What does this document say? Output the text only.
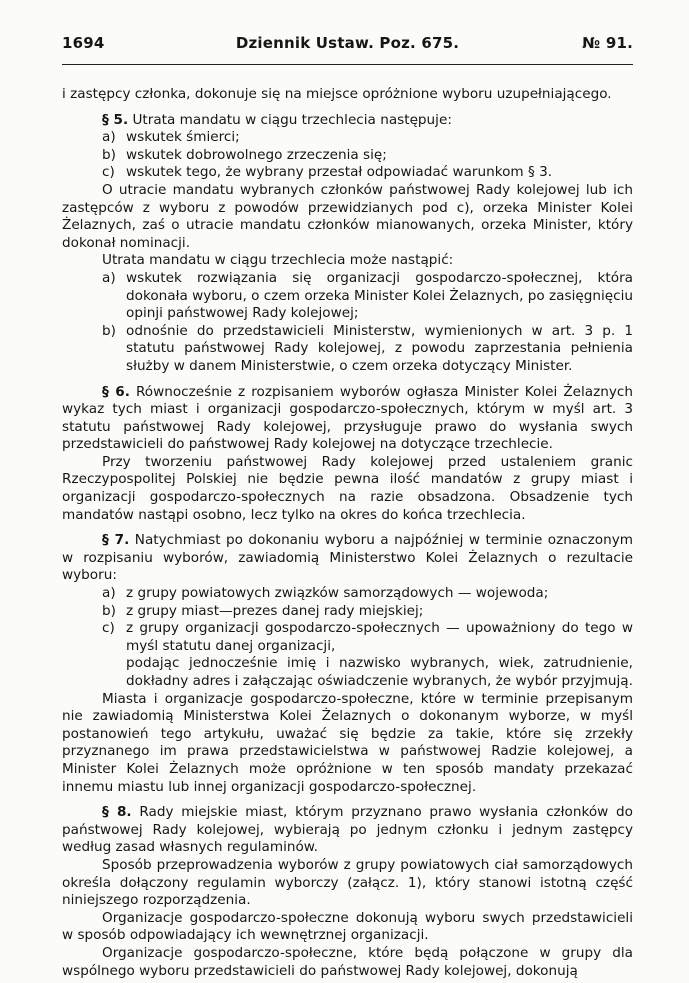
1694	Dziennik Ustaw. Poz. 675.	№ 91.

i zastępcy członka, dokonuje się na miejsce opróżnione wyboru uzupełniającego.

§ 5. Utrata mandatu w ciągu trzechlecia następuje:

a) wskutek śmierci;
b) wskutek dobrowolnego zrzeczenia się;
c) wskutek tego, że wybrany przestał odpowiadać warunkom § 3.

O utracie mandatu wybranych członków państwowej Rady kolejowej lub ich zastępców z wyboru z powodów przewidzianych pod c), orzeka Minister Kolei Żelaznych, zaś o utracie mandatu członków mianowanych, orzeka Minister, który dokonał nominacji.

Utrata mandatu w ciągu trzechlecia może nastąpić:

a) wskutek rozwiązania się organizacji gospodarczo-społecznej, która dokonała wyboru, o czem orzeka Minister Kolei Żelaznych, po zasięgnięciu opinji państwowej Rady kolejowej;
b) odnośnie do przedstawicieli Ministerstw, wymienionych w art. 3 p. 1 statutu państwowej Rady kolejowej, z powodu zaprzestania pełnienia służby w danem Ministerstwie, o czem orzeka dotyczący Minister.

§ 6. Równocześnie z rozpisaniem wyborów ogłasza Minister Kolei Żelaznych wykaz tych miast i organizacji gospodarczo-społecznych, którym w myśl art. 3 statutu państwowej Rady kolejowej, przysługuje prawo do wysłania swych przedstawicieli do państwowej Rady kolejowej na dotyczące trzechlecie.

Przy tworzeniu państwowej Rady kolejowej przed ustaleniem granic Rzeczypospolitej Polskiej nie będzie pewna ilość mandatów z grupy miast i organizacji gospodarczo-społecznych na razie obsadzona. Obsadzenie tych mandatów nastąpi osobno, lecz tylko na okres do końca trzechlecia.

§ 7. Natychmiast po dokonaniu wyboru a najpóźniej w terminie oznaczonym w rozpisaniu wyborów, zawiadomią Ministerstwo Kolei Żelaznych o rezultacie wyboru:

a) z grupy powiatowych związków samorządowych — wojewoda;
b) z grupy miast—prezes danej rady miejskiej;
c) z grupy organizacji gospodarczo-społecznych — upoważniony do tego w myśl statutu danej organizacji,
podając jednocześnie imię i nazwisko wybranych, wiek, zatrudnienie, dokładny adres i załączając oświadczenie wybranych, że wybór przyjmują.

Miasta i organizacje gospodarczo-społeczne, które w terminie przepisanym nie zawiadomią Ministerstwa Kolei Żelaznych o dokonanym wyborze, w myśl postanowień tego artykułu, uważać się będzie za takie, które się zrzekły przyznanego im prawa przedstawicielstwa w państwowej Radzie kolejowej, a Minister Kolei Żelaznych może opróżnione w ten sposób mandaty przekazać innemu miastu lub innej organizacji gospodarczo-społecznej.

§ 8. Rady miejskie miast, którym przyznano prawo wysłania członków do państwowej Rady kolejowej, wybierają po jednym członku i jednym zastępcy według zasad własnych regulaminów.

Sposób przeprowadzenia wyborów z grupy powiatowych ciał samorządowych określa dołączony regulamin wyborczy (załącz. 1), który stanowi istotną część niniejszego rozporządzenia.

Organizacje gospodarczo-społeczne dokonują wyboru swych przedstawicieli w sposób odpowiadający ich wewnętrznej organizacji.

Organizacje gospodarczo-społeczne, które będą połączone w grupy dla wspólnego wyboru przedstawicieli do państwowej Rady kolejowej, dokonują
